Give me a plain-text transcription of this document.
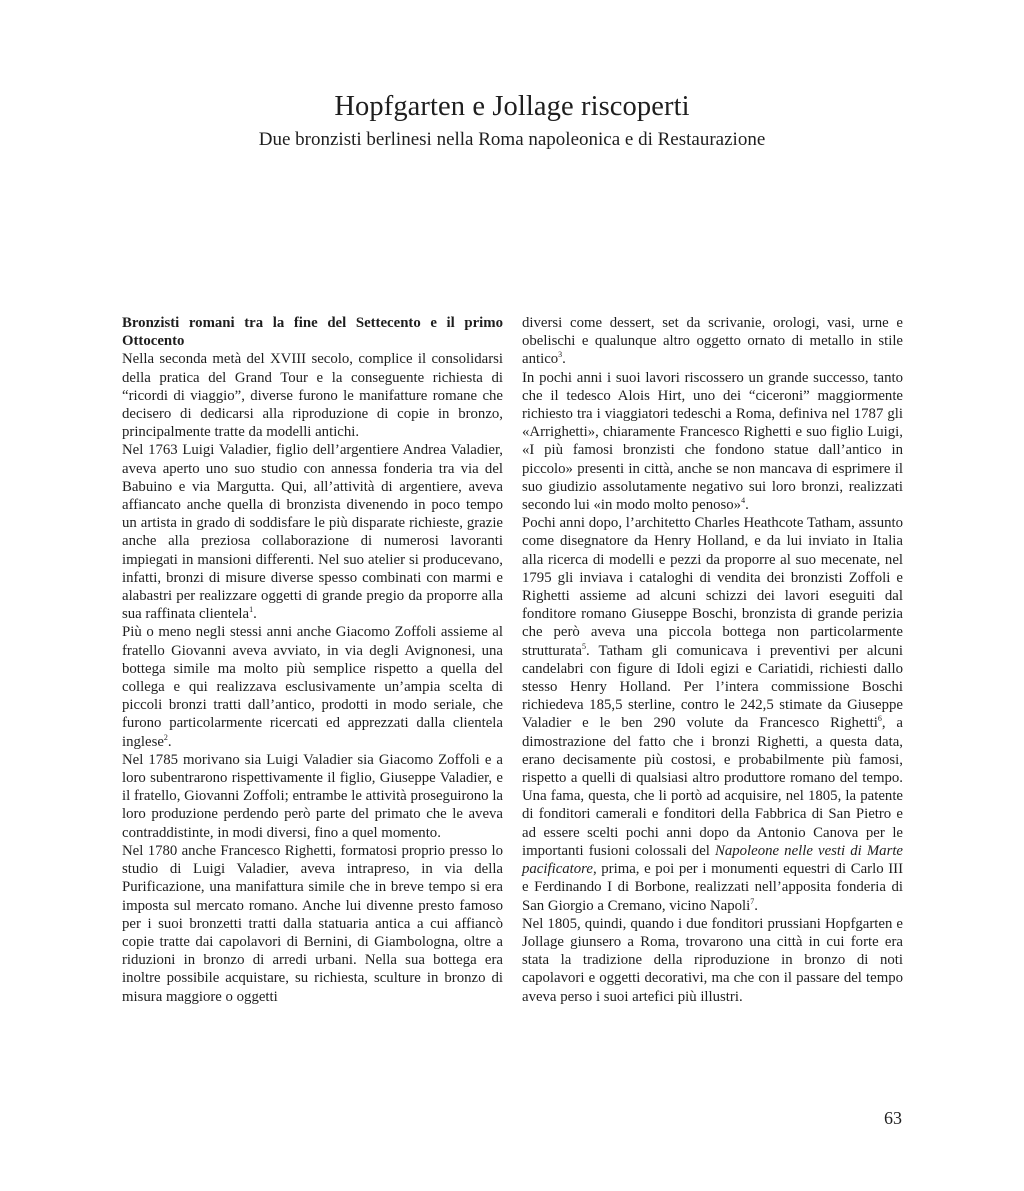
Hopfgarten e Jollage riscoperti
Due bronzisti berlinesi nella Roma napoleonica e di Restaurazione

Bronzisti romani tra la fine del Settecento e il primo Ottocento

Nella seconda metà del XVIII secolo, complice il consolidarsi della pratica del Grand Tour e la conseguente richiesta di “ricordi di viaggio”, diverse furono le manifatture romane che decisero di dedicarsi alla riproduzione di copie in bronzo, principalmente tratte da modelli antichi.

Nel 1763 Luigi Valadier, figlio dell’argentiere Andrea Valadier, aveva aperto uno suo studio con annessa fonderia tra via del Babuino e via Margutta. Qui, all’attività di argentiere, aveva affiancato anche quella di bronzista divenendo in poco tempo un artista in grado di soddisfare le più disparate richieste, grazie anche alla preziosa collaborazione di numerosi lavoranti impiegati in mansioni differenti. Nel suo atelier si producevano, infatti, bronzi di misure diverse spesso combinati con marmi e alabastri per realizzare oggetti di grande pregio da proporre alla sua raffinata clientela$^1$.

Più o meno negli stessi anni anche Giacomo Zoffoli assieme al fratello Giovanni aveva avviato, in via degli Avignonesi, una bottega simile ma molto più semplice rispetto a quella del collega e qui realizzava esclusivamente un’ampia scelta di piccoli bronzi tratti dall’antico, prodotti in modo seriale, che furono particolarmente ricercati ed apprezzati dalla clientela inglese$^2$.

Nel 1785 morivano sia Luigi Valadier sia Giacomo Zoffoli e a loro subentrarono rispettivamente il figlio, Giuseppe Valadier, e il fratello, Giovanni Zoffoli; entrambe le attività proseguirono la loro produzione perdendo però parte del primato che le aveva contraddistinte, in modi diversi, fino a quel momento.

Nel 1780 anche Francesco Righetti, formatosi proprio presso lo studio di Luigi Valadier, aveva intrapreso, in via della Purificazione, una manifattura simile che in breve tempo si era imposta sul mercato romano. Anche lui divenne presto famoso per i suoi bronzetti tratti dalla statuaria antica a cui affiancò copie tratte dai capolavori di Bernini, di Giambologna, oltre a riduzioni in bronzo di arredi urbani. Nella sua bottega era inoltre possibile acquistare, su richiesta, sculture in bronzo di misura maggiore o oggetti

diversi come dessert, set da scrivanie, orologi, vasi, urne e obelischi e qualunque altro oggetto ornato di metallo in stile antico$^3$.

In pochi anni i suoi lavori riscossero un grande successo, tanto che il tedesco Alois Hirt, uno dei “ciceroni” maggiormente richiesto tra i viaggiatori tedeschi a Roma, definiva nel 1787 gli «Arrighetti», chiaramente Francesco Righetti e suo figlio Luigi, «I più famosi bronzisti che fondono statue dall’antico in piccolo» presenti in città, anche se non mancava di esprimere il suo giudizio assolutamente negativo sui loro bronzi, realizzati secondo lui «in modo molto penoso»$^4$.

Pochi anni dopo, l’architetto Charles Heathcote Tatham, assunto come disegnatore da Henry Holland, e da lui inviato in Italia alla ricerca di modelli e pezzi da proporre al suo mecenate, nel 1795 gli inviava i cataloghi di vendita dei bronzisti Zoffoli e Righetti assieme ad alcuni schizzi dei lavori eseguiti dal fonditore romano Giuseppe Boschi, bronzista di grande perizia che però aveva una piccola bottega non particolarmente strutturata$^5$. Tatham gli comunicava i preventivi per alcuni candelabri con figure di Idoli egizi e Cariatidi, richiesti dallo stesso Henry Holland. Per l’intera commissione Boschi richiedeva 185,5 sterline, contro le 242,5 stimate da Giuseppe Valadier e le ben 290 volute da Francesco Righetti$^6$, a dimostrazione del fatto che i bronzi Righetti, a questa data, erano decisamente più costosi, e probabilmente più famosi, rispetto a quelli di qualsiasi altro produttore romano del tempo. Una fama, questa, che li portò ad acquisire, nel 1805, la patente di fonditori camerali e fonditori della Fabbrica di San Pietro e ad essere scelti pochi anni dopo da Antonio Canova per le importanti fusioni colossali del Napoleone nelle vesti di Marte pacificatore, prima, e poi per i monumenti equestri di Carlo III e Ferdinando I di Borbone, realizzati nell’apposita fonderia di San Giorgio a Cremano, vicino Napoli$^7$.

Nel 1805, quindi, quando i due fonditori prussiani Hopfgarten e Jollage giunsero a Roma, trovarono una città in cui forte era stata la tradizione della riproduzione in bronzo di noti capolavori e oggetti decorativi, ma che con il passare del tempo aveva perso i suoi artefici più illustri.

63
